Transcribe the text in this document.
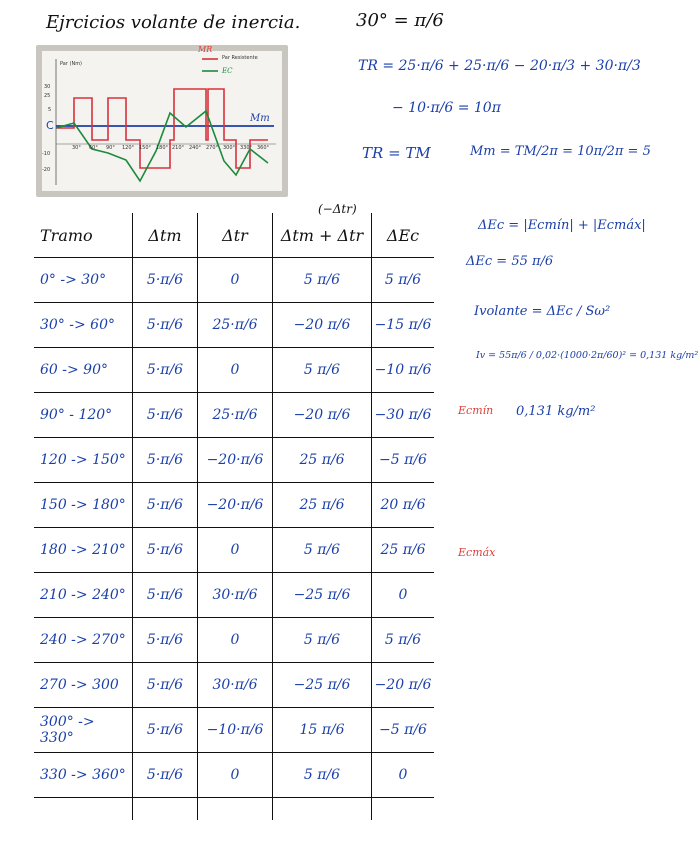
Ejrcicios volante de inercia.	30° = π/6
MR
Par Resistente
EC
Par (Nm)
Mm
C
30
25
5
-10
-20
30° 60° 90° 120° 150° 180° 210° 240° 270° 300° 330° 360°
TR = 25·π/6 + 25·π/6 − 20·π/3 + 30·π/3
− 10·π/6 = 10π
TR = TM	Mm = TM/2π = 10π/2π = 5
ΔEc = |Ecmín| + |Ecmáx|
ΔEc = 55 π/6
Ivolante = ΔEc / Sω²
Iv = 55π/6 / 0,02·(1000·2π/60)² = 0,131 kg/m²
0,131 kg/m²
Ecmín
Ecmáx
(−Δtr)
Tramo	Δtm	Δtr	Δtm + Δtr	ΔEc
0° -> 30°	5·π/6	0	5 π/6	5 π/6
30° -> 60°	5·π/6	25·π/6	−20 π/6	−15 π/6
60 -> 90°	5·π/6	0	5 π/6	−10 π/6
90° - 120°	5·π/6	25·π/6	−20 π/6	−30 π/6
120 -> 150°	5·π/6	−20·π/6	25 π/6	−5 π/6
150 -> 180°	5·π/6	−20·π/6	25 π/6	20 π/6
180 -> 210°	5·π/6	0	5 π/6	25 π/6
210 -> 240°	5·π/6	30·π/6	−25 π/6	0
240 -> 270°	5·π/6	0	5 π/6	5 π/6
270 -> 300	5·π/6	30·π/6	−25 π/6	−20 π/6
300° -> 330°	5·π/6	−10·π/6	15 π/6	−5 π/6
330 -> 360°	5·π/6	0	5 π/6	0
